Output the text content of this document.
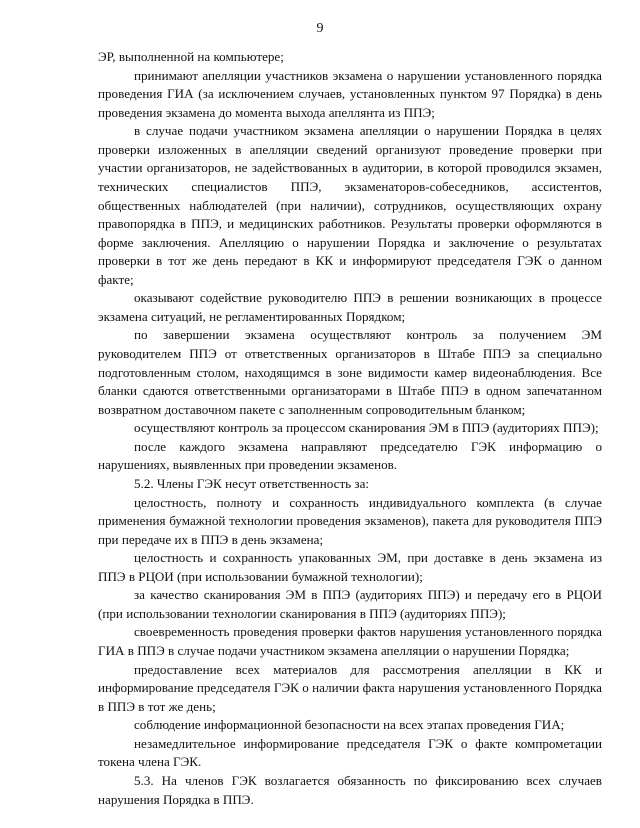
9

ЭР, выполненной на компьютере;

принимают апелляции участников экзамена о нарушении установленного порядка проведения ГИА (за исключением случаев, установленных пунктом 97 Порядка) в день проведения экзамена до момента выхода апеллянта из ППЭ;

в случае подачи участником экзамена апелляции о нарушении Порядка в целях проверки изложенных в апелляции сведений организуют проведение проверки при участии организаторов, не задействованных в аудитории, в которой проводился экзамен, технических специалистов ППЭ, экзаменаторов-собеседников, ассистентов, общественных наблюдателей (при наличии), сотрудников, осуществляющих охрану правопорядка в ППЭ, и медицинских работников. Результаты проверки оформляются в форме заключения. Апелляцию о нарушении Порядка и заключение о результатах проверки в тот же день передают в КК и информируют председателя ГЭК о данном факте;

оказывают содействие руководителю ППЭ в решении возникающих в процессе экзамена ситуаций, не регламентированных Порядком;

по завершении экзамена осуществляют контроль за получением ЭМ руководителем ППЭ от ответственных организаторов в Штабе ППЭ за специально подготовленным столом, находящимся в зоне видимости камер видеонаблюдения. Все бланки сдаются ответственными организаторами в Штабе ППЭ в одном запечатанном возвратном доставочном пакете с заполненным сопроводительным бланком;

осуществляют контроль за процессом сканирования ЭМ в ППЭ (аудиториях ППЭ);

после каждого экзамена направляют председателю ГЭК информацию о нарушениях, выявленных при проведении экзаменов.

5.2. Члены ГЭК несут ответственность за:

целостность, полноту и сохранность индивидуального комплекта (в случае применения бумажной технологии проведения экзаменов), пакета для руководителя ППЭ при передаче их в ППЭ в день экзамена;

целостность и сохранность упакованных ЭМ, при доставке в день экзамена из ППЭ в РЦОИ (при использовании бумажной технологии);

за качество сканирования ЭМ в ППЭ (аудиториях ППЭ) и передачу его в РЦОИ (при использовании технологии сканирования в ППЭ (аудиториях ППЭ);

своевременность проведения проверки фактов нарушения установленного порядка ГИА в ППЭ в случае подачи участником экзамена апелляции о нарушении Порядка;

предоставление всех материалов для рассмотрения апелляции в КК и информирование председателя ГЭК о наличии факта нарушения установленного Порядка в ППЭ в тот же день;

соблюдение информационной безопасности на всех этапах проведения ГИА;

незамедлительное информирование председателя ГЭК о факте компрометации токена члена ГЭК.

5.3. На членов ГЭК возлагается обязанность по фиксированию всех случаев нарушения Порядка в ППЭ.
